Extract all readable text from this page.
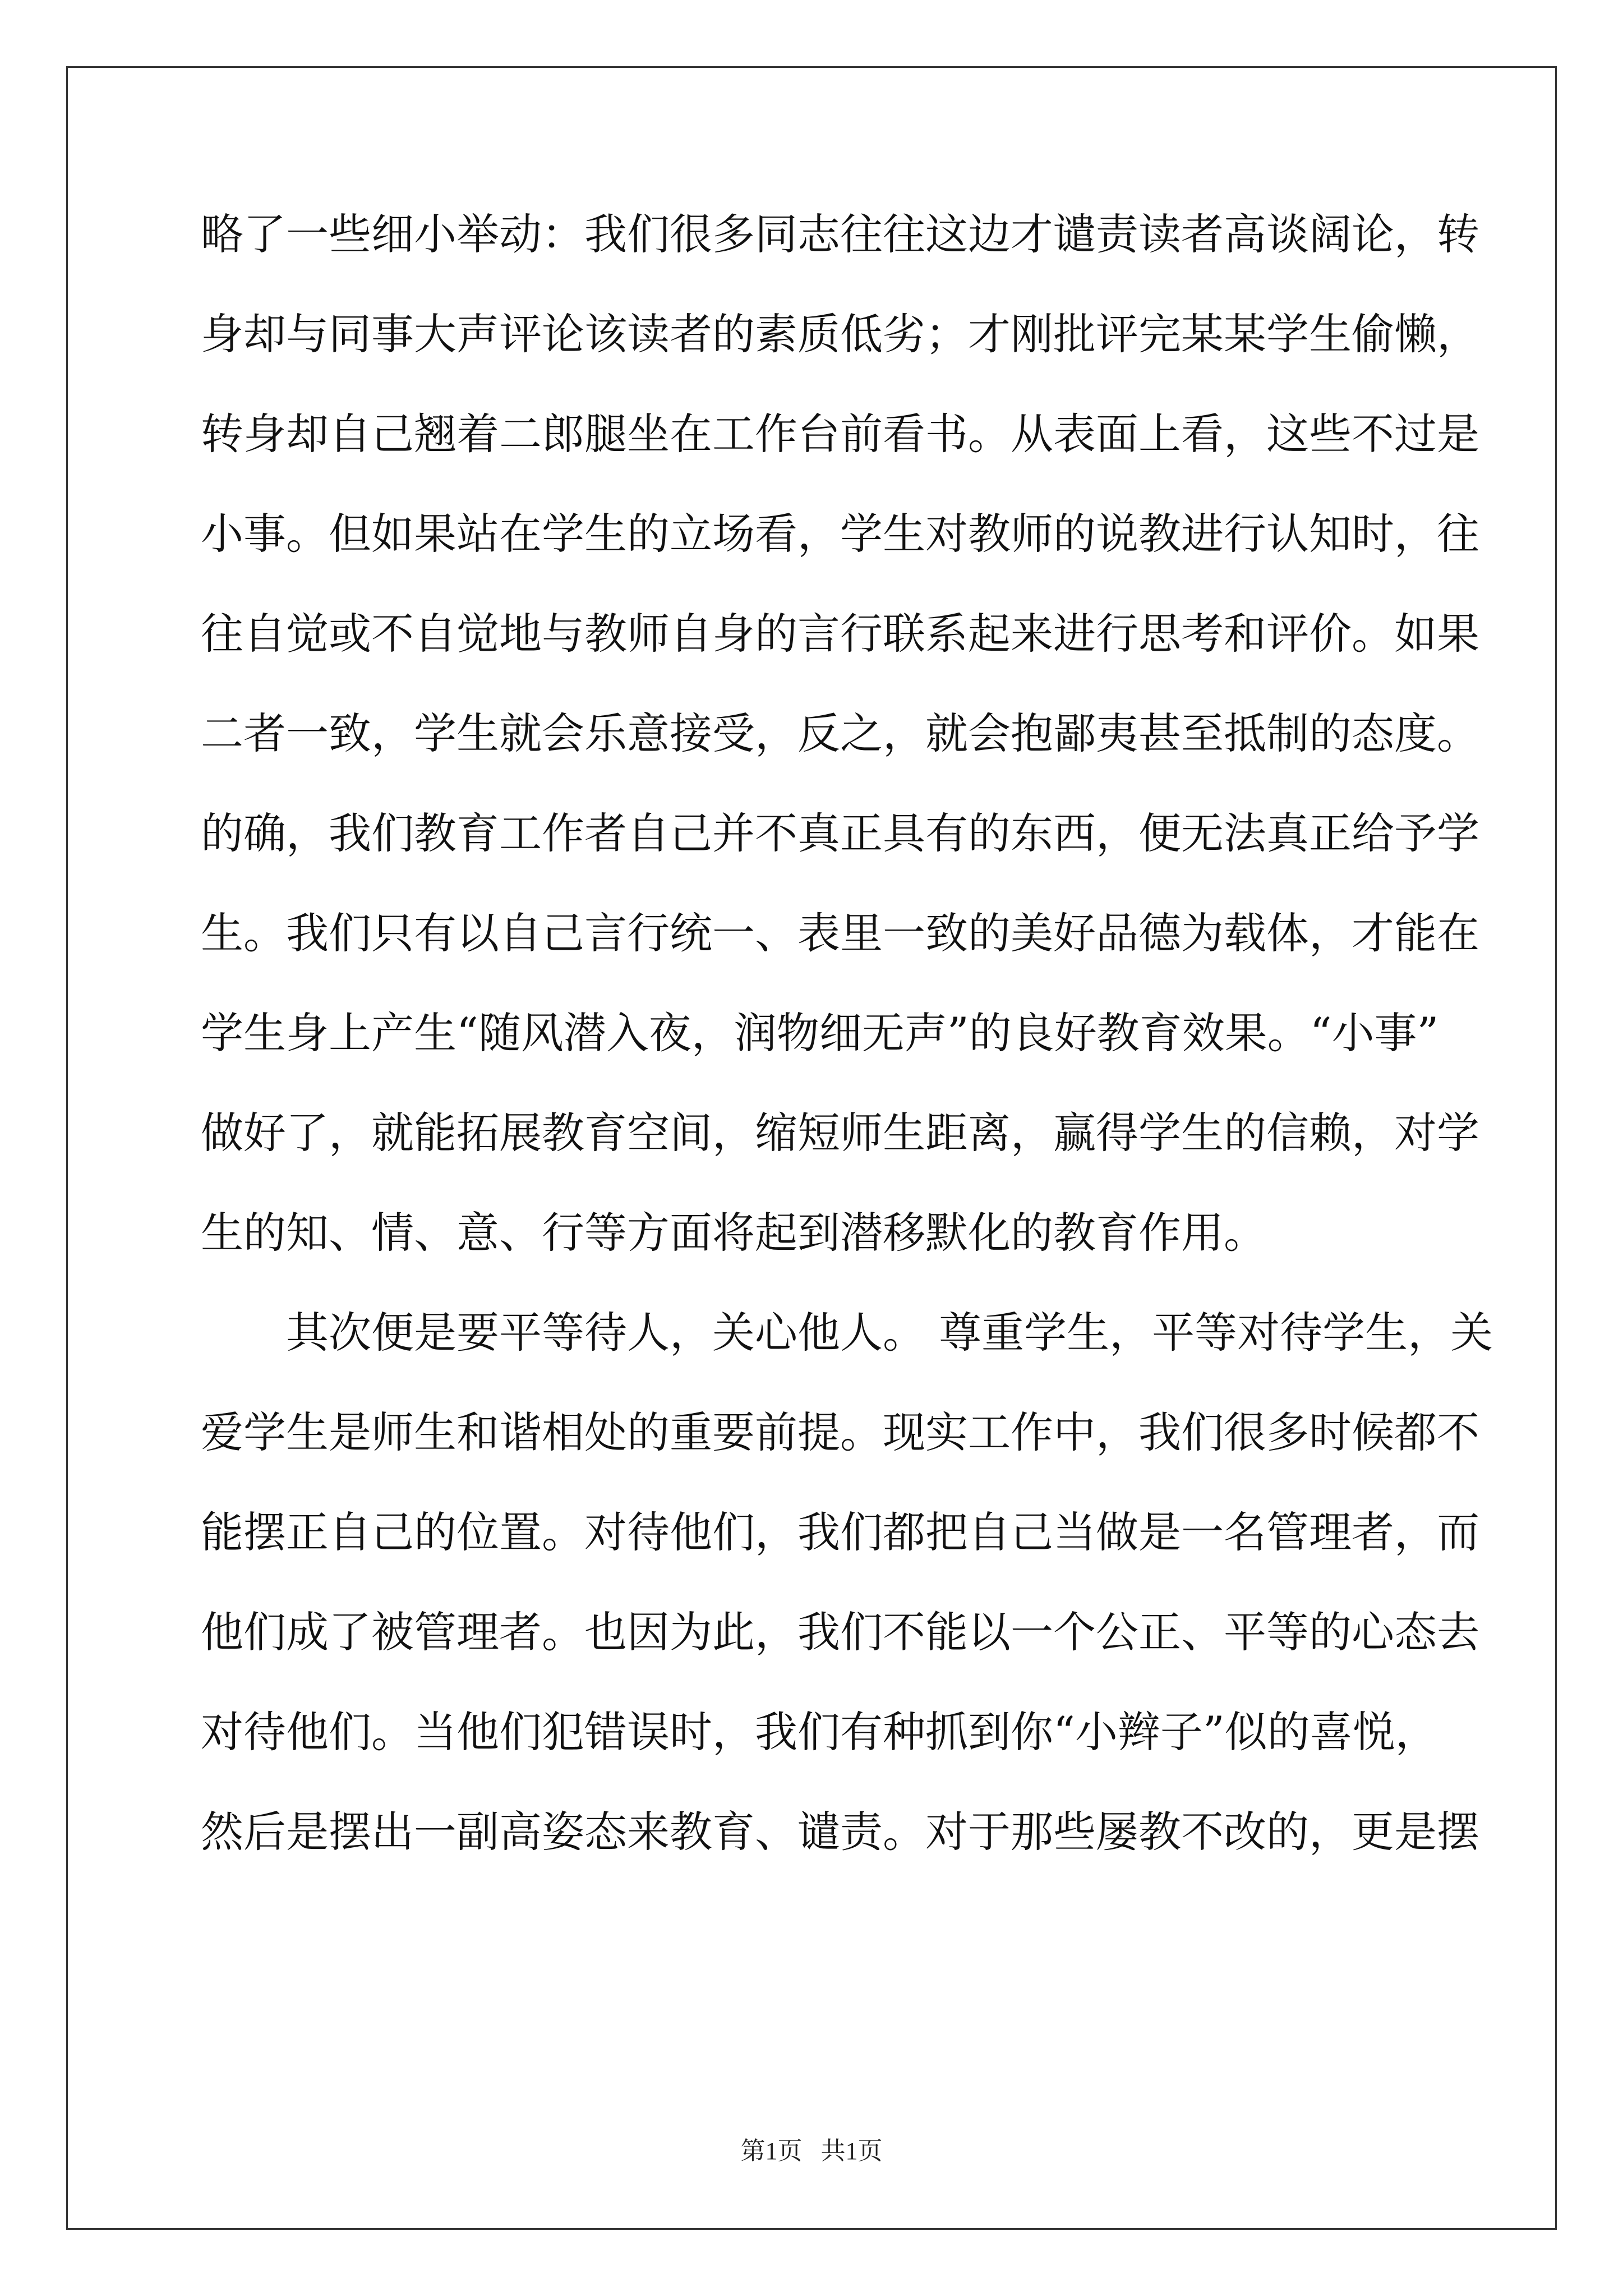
略了一些细小举动：我们很多同志往往这边才谴责读者高谈阔论，转
身却与同事大声评论该读者的素质低劣；才刚批评完某某学生偷懒，
转身却自己翘着二郎腿坐在工作台前看书。从表面上看，这些不过是
小事。但如果站在学生的立场看，学生对教师的说教进行认知时，往
往自觉或不自觉地与教师自身的言行联系起来进行思考和评价。如果
二者一致，学生就会乐意接受，反之，就会抱鄙夷甚至抵制的态度。
的确，我们教育工作者自己并不真正具有的东西，便无法真正给予学
生。我们只有以自己言行统一、表里一致的美好品德为载体，才能在
学生身上产生“随风潜入夜，润物细无声”的良好教育效果。“小事”
做好了，就能拓展教育空间，缩短师生距离，赢得学生的信赖，对学
生的知、情、意、行等方面将起到潜移默化的教育作用。
其次便是要平等待人，关心他人。 尊重学生，平等对待学生，关
爱学生是师生和谐相处的重要前提。现实工作中，我们很多时候都不
能摆正自己的位置。对待他们，我们都把自己当做是一名管理者，而
他们成了被管理者。也因为此，我们不能以一个公正、平等的心态去
对待他们。当他们犯错误时，我们有种抓到你“小辫子”似的喜悦，
然后是摆出一副高姿态来教育、谴责。对于那些屡教不改的，更是摆
第1页   共1页
